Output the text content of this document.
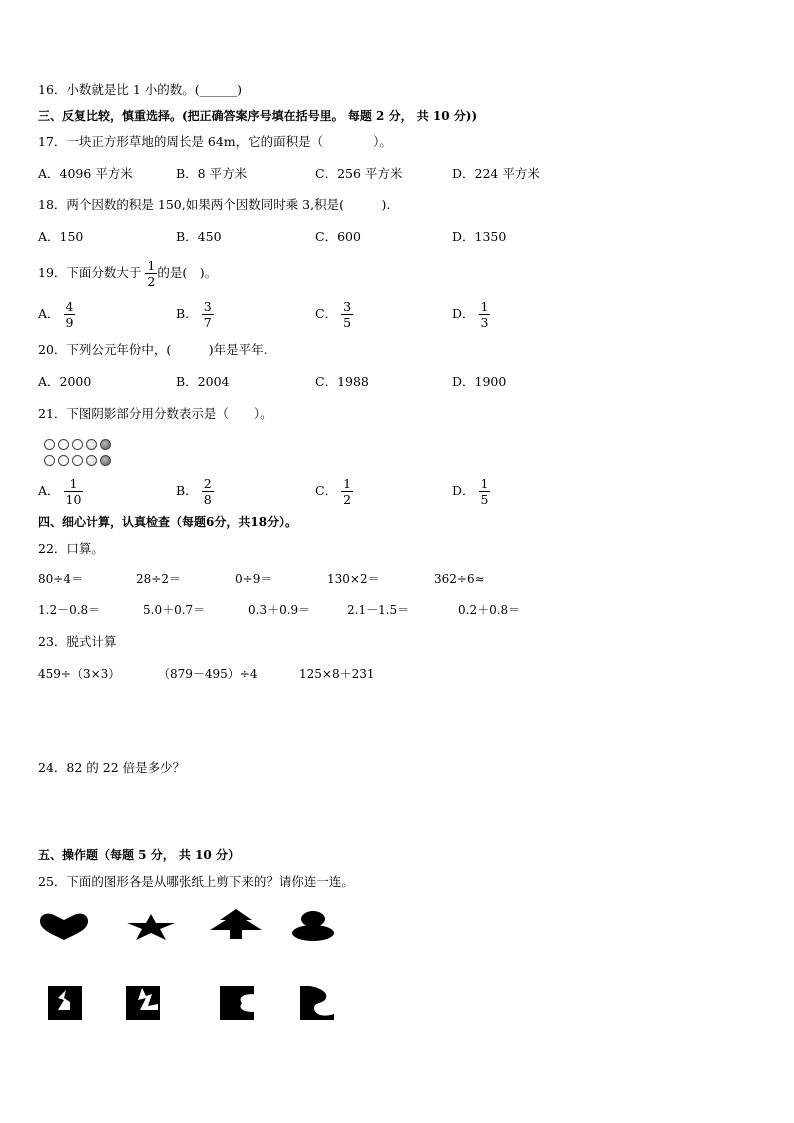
16．小数就是比 1 小的数。(______)
三、反复比较，慎重选择。(把正确答案序号填在括号里。 每题 2 分， 共 10 分))
17．一块正方形草地的周长是 64m，它的面积是（　　　　）。
A．4096 平方米	B．8 平方米	C．256 平方米	D．224 平方米
18．两个因数的积是 150,如果两个因数同时乘 3,积是(　　　).
A．150	B．450	C．600	D．1350
19．下面分数大于 $\frac{1}{2}$ 的是(　)。
A． $\frac{4}{9}$	B． $\frac{3}{7}$	C． $\frac{3}{5}$	D． $\frac{1}{3}$
20．下列公元年份中，(　　　)年是平年.
A．2000	B．2004	C．1988	D．1900
21．下图阴影部分用分数表示是（　　）。
A． $\frac{1}{10}$	B． $\frac{2}{8}$	C． $\frac{1}{2}$	D． $\frac{1}{5}$
四、细心计算，认真检查（每题6分，共18分）。
22．口算。
80÷4＝	28÷2＝	0÷9＝	130×2＝	362÷6≈
1.2－0.8＝	5.0＋0.7＝	0.3＋0.9＝	2.1－1.5＝	0.2＋0.8＝
23．脱式计算
459÷（3×3）	（879－495）÷4	125×8＋231
24．82 的 22 倍是多少？
五、操作题（每题 5 分， 共 10 分）
25．下面的图形各是从哪张纸上剪下来的？请你连一连。
